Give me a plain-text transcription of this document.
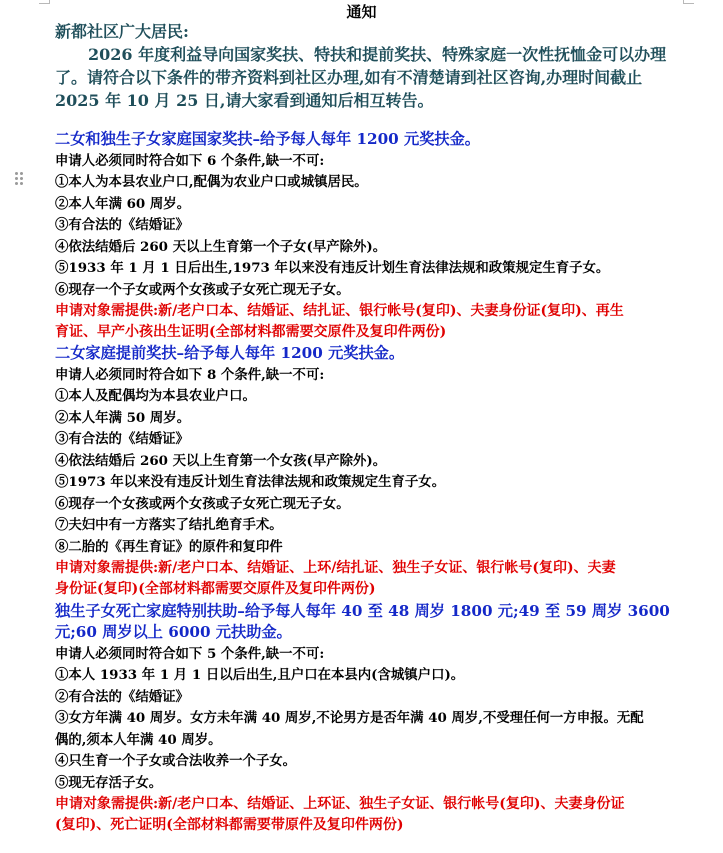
通知
新都社区广大居民:
2026 年度利益导向国家奖扶、特扶和提前奖扶、特殊家庭一次性抚恤金可以办理
了。请符合以下条件的带齐资料到社区办理,如有不清楚请到社区咨询,办理时间截止
2025 年 10 月 25 日,请大家看到通知后相互转告。
二女和独生子女家庭国家奖扶–给予每人每年 1200 元奖扶金。
申请人必须同时符合如下 6 个条件,缺一不可:
①本人为本县农业户口,配偶为农业户口或城镇居民。
②本人年满 60 周岁。
③有合法的《结婚证》
④依法结婚后 260 天以上生育第一个子女(早产除外)。
⑤1933 年 1 月 1 日后出生,1973 年以来没有违反计划生育法律法规和政策规定生育子女。
⑥现存一个子女或两个女孩或子女死亡现无子女。
申请对象需提供:新/老户口本、结婚证、结扎证、银行帐号(复印)、夫妻身份证(复印)、再生
育证、早产小孩出生证明(全部材料都需要交原件及复印件两份)
二女家庭提前奖扶–给予每人每年 1200 元奖扶金。
申请人必须同时符合如下 8 个条件,缺一不可:
①本人及配偶均为本县农业户口。
②本人年满 50 周岁。
③有合法的《结婚证》
④依法结婚后 260 天以上生育第一个女孩(早产除外)。
⑤1973 年以来没有违反计划生育法律法规和政策规定生育子女。
⑥现存一个女孩或两个女孩或子女死亡现无子女。
⑦夫妇中有一方落实了结扎绝育手术。
⑧二胎的《再生育证》的原件和复印件
申请对象需提供:新/老户口本、结婚证、上环/结扎证、独生子女证、银行帐号(复印)、夫妻
身份证(复印)(全部材料都需要交原件及复印件两份)
独生子女死亡家庭特别扶助–给予每人每年 40 至 48 周岁 1800 元;49 至 59 周岁 3600
元;60 周岁以上 6000 元扶助金。
申请人必须同时符合如下 5 个条件,缺一不可:
①本人 1933 年 1 月 1 日以后出生,且户口在本县内(含城镇户口)。
②有合法的《结婚证》
③女方年满 40 周岁。女方未年满 40 周岁,不论男方是否年满 40 周岁,不受理任何一方申报。无配
偶的,须本人年满 40 周岁。
④只生育一个子女或合法收养一个子女。
⑤现无存活子女。
申请对象需提供:新/老户口本、结婚证、上环证、独生子女证、银行帐号(复印)、夫妻身份证
(复印)、死亡证明(全部材料都需要带原件及复印件两份)
